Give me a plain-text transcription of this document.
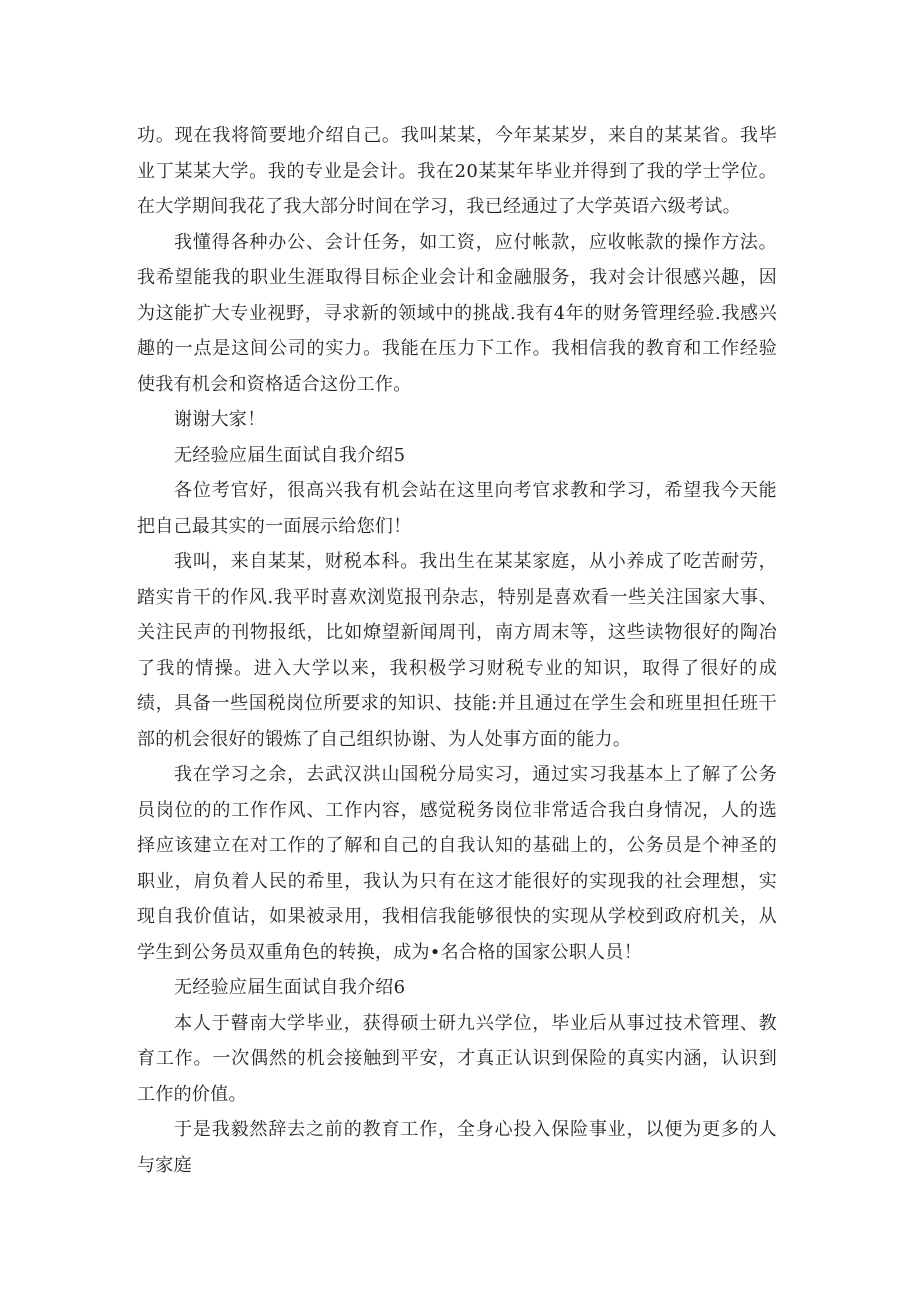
功。现在我将简要地介绍自己。我叫某某，今年某某岁，来自的某某省。我毕业丁某某大学。我的专业是会计。我在20某某年毕业并得到了我的学士学位。在大学期间我花了我大部分时间在学习，我已经通过了大学英语六级考试。

我懂得各种办公、会计任务，如工资，应付帐款，应收帐款的操作方法。我希望能我的职业生涯取得目标企业会计和金融服务，我对会计很感兴趣，因为这能扩大专业视野，寻求新的领域中的挑战.我有4年的财务管理经验.我感兴趣的一点是这间公司的实力。我能在压力下工作。我相信我的教育和工作经验使我有机会和资格适合这份工作。

谢谢大家！

无经验应届生面试自我介绍5

各位考官好，很高兴我有机会站在这里向考官求教和学习，希望我今天能把自己最其实的一面展示给您们！

我叫，来自某某，财税本科。我出生在某某家庭，从小养成了吃苦耐劳，踏实肯干的作风.我平时喜欢浏览报刊杂志，特别是喜欢看一些关注国家大事、关注民声的刊物报纸，比如燎望新闻周刊，南方周末等，这些读物很好的陶冶了我的情操。进入大学以来，我积极学习财税专业的知识，取得了很好的成绩，具备一些国税岗位所要求的知识、技能:并且通过在学生会和班里担任班干部的机会很好的锻炼了自己组织协谢、为人处事方面的能力。

我在学习之余，去武汉洪山国税分局实习，通过实习我基本上了解了公务员岗位的的工作作风、工作内容，感觉税务岗位非常适合我白身情况，人的选择应该建立在对工作的了解和自己的自我认知的基础上的，公务员是个神圣的职业，肩负着人民的希里，我认为只有在这才能很好的实现我的社会理想，实现自我价值诂，如果被录用，我相信我能够很快的实现从学校到政府机关，从学生到公务员双重角色的转换，成为•名合格的国家公职人员！

无经验应届生面试自我介绍6

本人于瞽南大学毕业，获得硕士研九兴学位，毕业后从事过技术管理、教育工作。一次偶然的机会接触到平安，才真正认识到保险的真实内涵，认识到工作的价值。

于是我毅然辞去之前的教育工作，全身心投入保险事业，以便为更多的人与家庭
